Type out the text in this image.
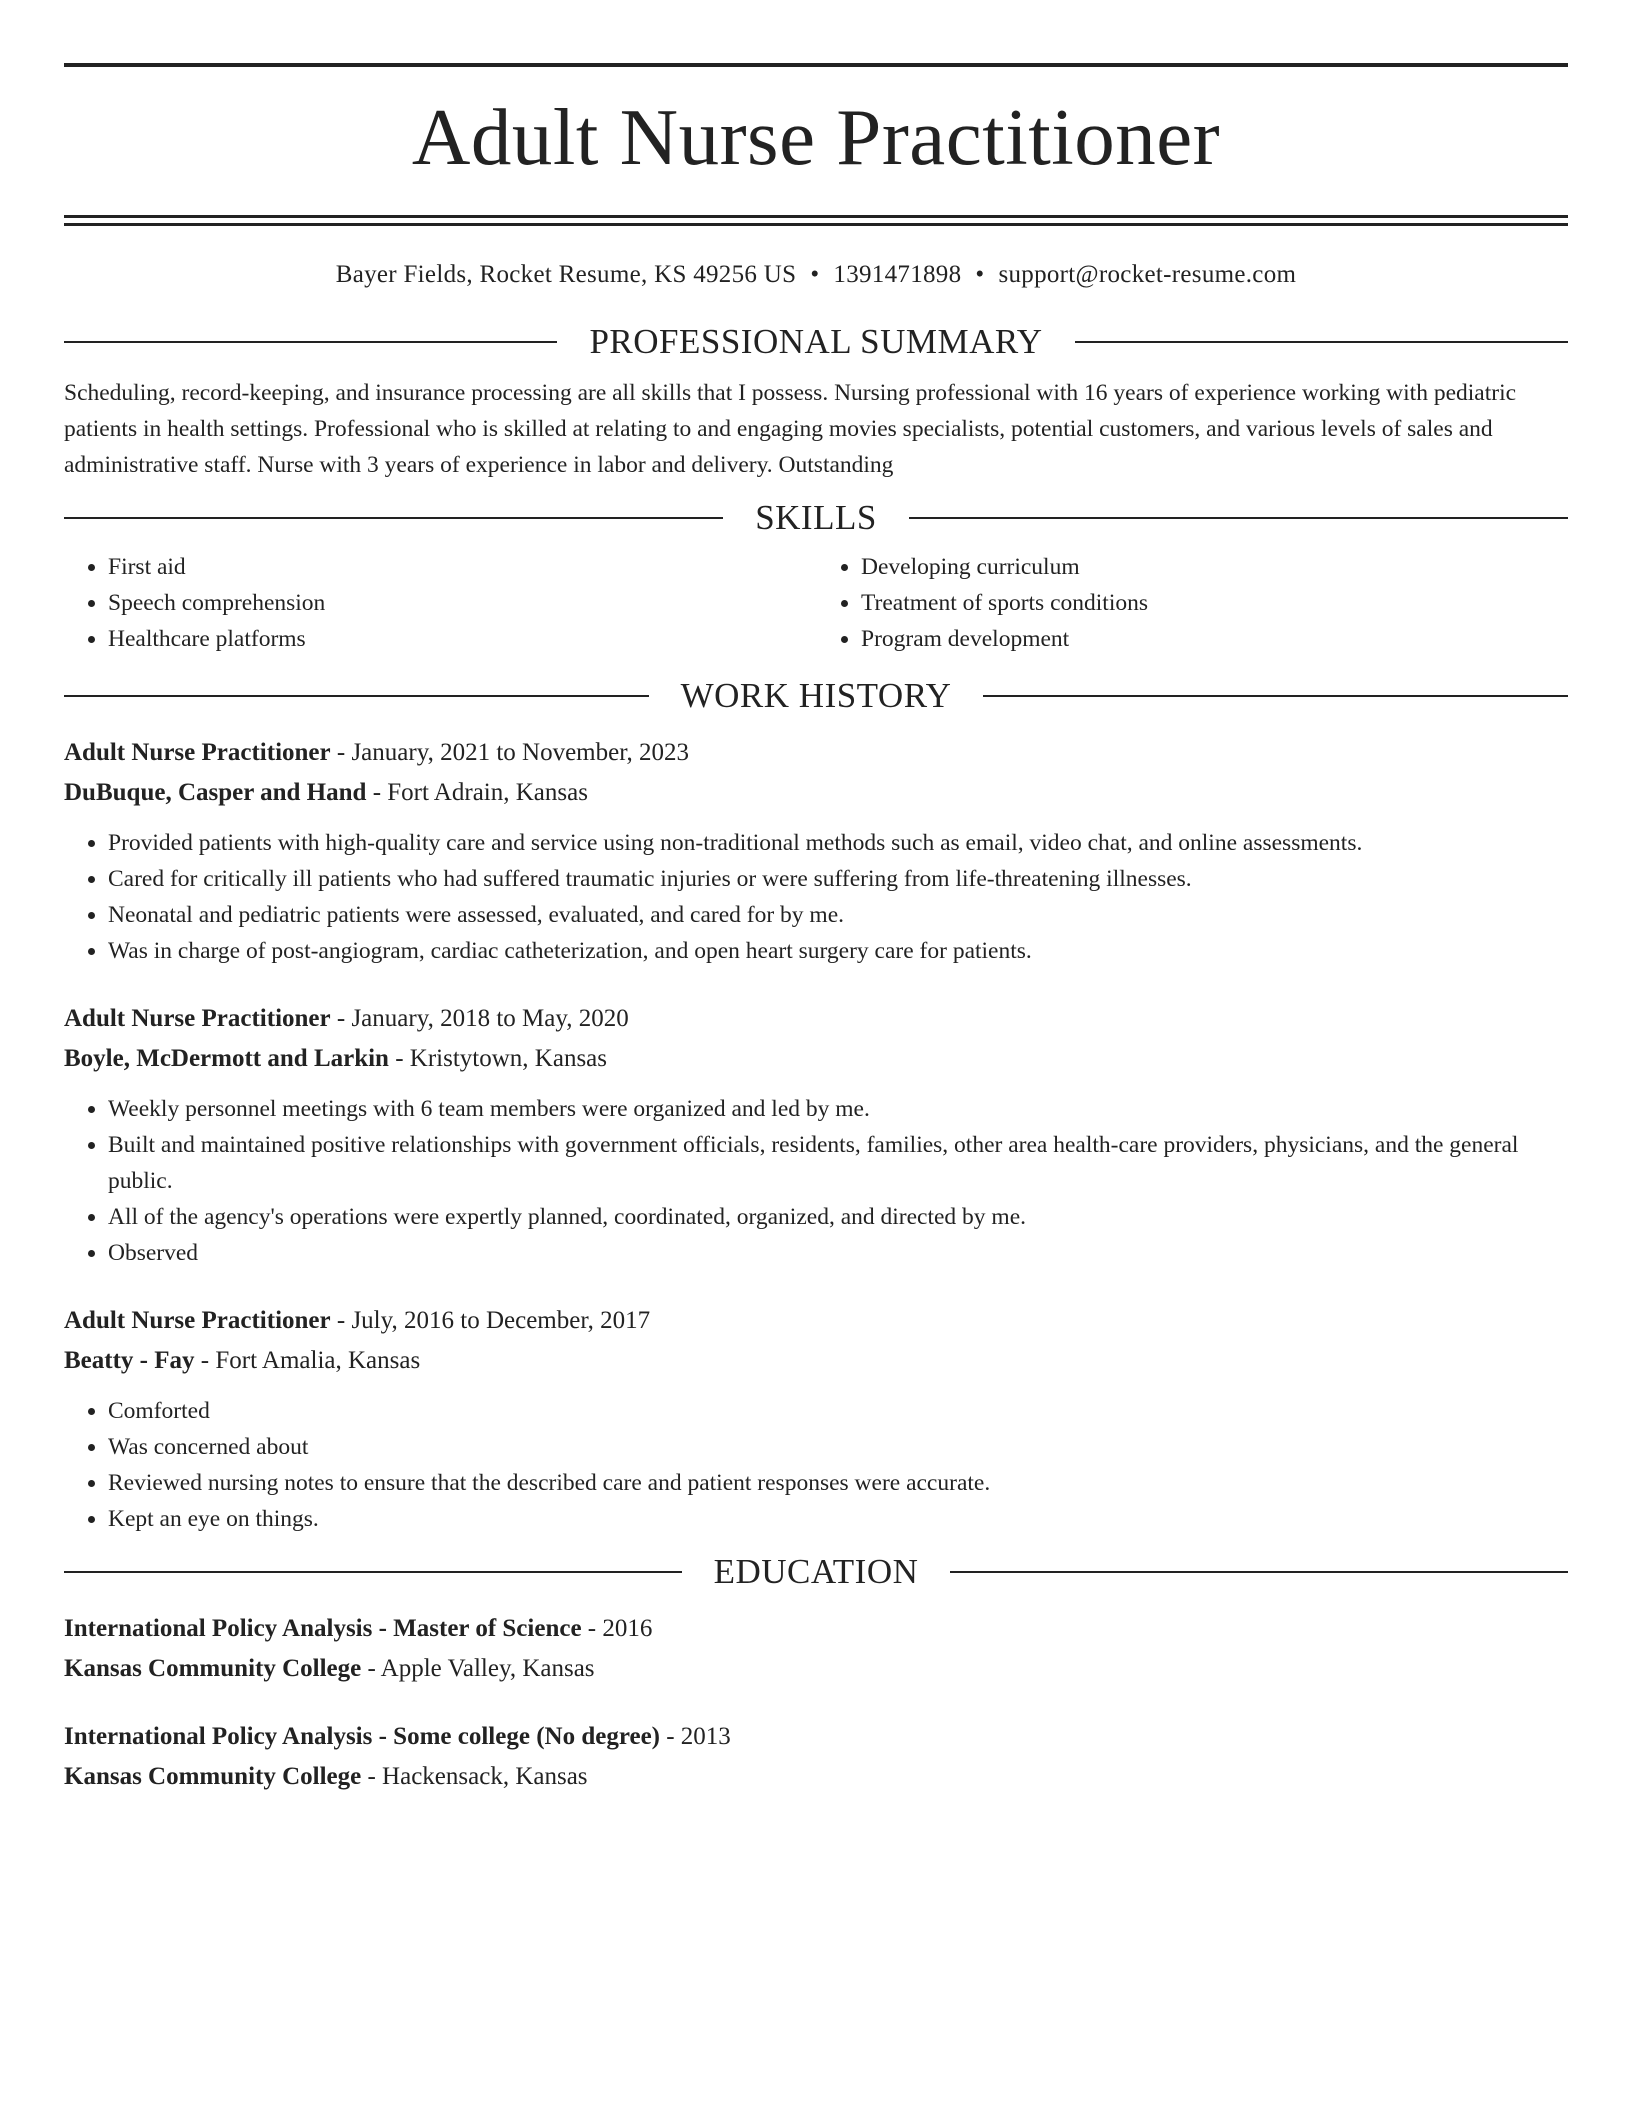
Adult Nurse Practitioner
Bayer Fields, Rocket Resume, KS 49256 US • 1391471898 • support@rocket-resume.com
PROFESSIONAL SUMMARY
Scheduling, record-keeping, and insurance processing are all skills that I possess. Nursing professional with 16 years of experience working with pediatric patients in health settings. Professional who is skilled at relating to and engaging movies specialists, potential customers, and various levels of sales and administrative staff. Nurse with 3 years of experience in labor and delivery. Outstanding
SKILLS
• First aid
• Speech comprehension
• Healthcare platforms
• Developing curriculum
• Treatment of sports conditions
• Program development
WORK HISTORY
Adult Nurse Practitioner - January, 2021 to November, 2023
DuBuque, Casper and Hand - Fort Adrain, Kansas
• Provided patients with high-quality care and service using non-traditional methods such as email, video chat, and online assessments.
• Cared for critically ill patients who had suffered traumatic injuries or were suffering from life-threatening illnesses.
• Neonatal and pediatric patients were assessed, evaluated, and cared for by me.
• Was in charge of post-angiogram, cardiac catheterization, and open heart surgery care for patients.
Adult Nurse Practitioner - January, 2018 to May, 2020
Boyle, McDermott and Larkin - Kristytown, Kansas
• Weekly personnel meetings with 6 team members were organized and led by me.
• Built and maintained positive relationships with government officials, residents, families, other area health-care providers, physicians, and the general public.
• All of the agency's operations were expertly planned, coordinated, organized, and directed by me.
• Observed
Adult Nurse Practitioner - July, 2016 to December, 2017
Beatty - Fay - Fort Amalia, Kansas
• Comforted
• Was concerned about
• Reviewed nursing notes to ensure that the described care and patient responses were accurate.
• Kept an eye on things.
EDUCATION
International Policy Analysis - Master of Science - 2016
Kansas Community College - Apple Valley, Kansas
International Policy Analysis - Some college (No degree) - 2013
Kansas Community College - Hackensack, Kansas
